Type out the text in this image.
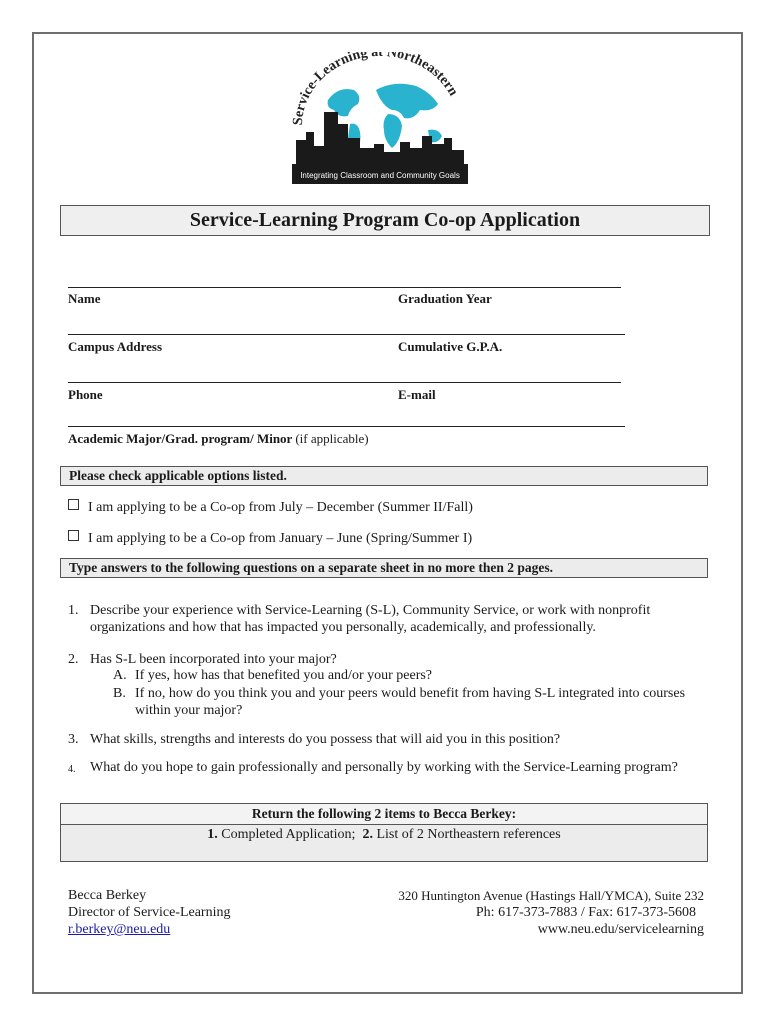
Service-Learning at Northeastern
Integrating Classroom and Community Goals
Service-Learning Program Co-op Application
Name	Graduation Year
Campus Address	Cumulative G.P.A.
Phone	E-mail
Academic Major/Grad. program/ Minor (if applicable)
Please check applicable options listed.
I am applying to be a Co-op from July – December (Summer II/Fall)
I am applying to be a Co-op from January – June (Spring/Summer I)
Type answers to the following questions on a separate sheet in no more then 2 pages.
1. Describe your experience with Service-Learning (S-L), Community Service, or work with nonprofit organizations and how that has impacted you personally, academically, and professionally.
2. Has S-L been incorporated into your major?
A. If yes, how has that benefited you and/or your peers?
B. If no, how do you think you and your peers would benefit from having S-L integrated into courses within your major?
3. What skills, strengths and interests do you possess that will aid you in this position?
4. What do you hope to gain professionally and personally by working with the Service-Learning program?
Return the following 2 items to Becca Berkey:
1. Completed Application; 2. List of 2 Northeastern references
Becca Berkey
Director of Service-Learning
r.berkey@neu.edu
320 Huntington Avenue (Hastings Hall/YMCA), Suite 232
Ph: 617-373-7883 / Fax: 617-373-5608
www.neu.edu/servicelearning
